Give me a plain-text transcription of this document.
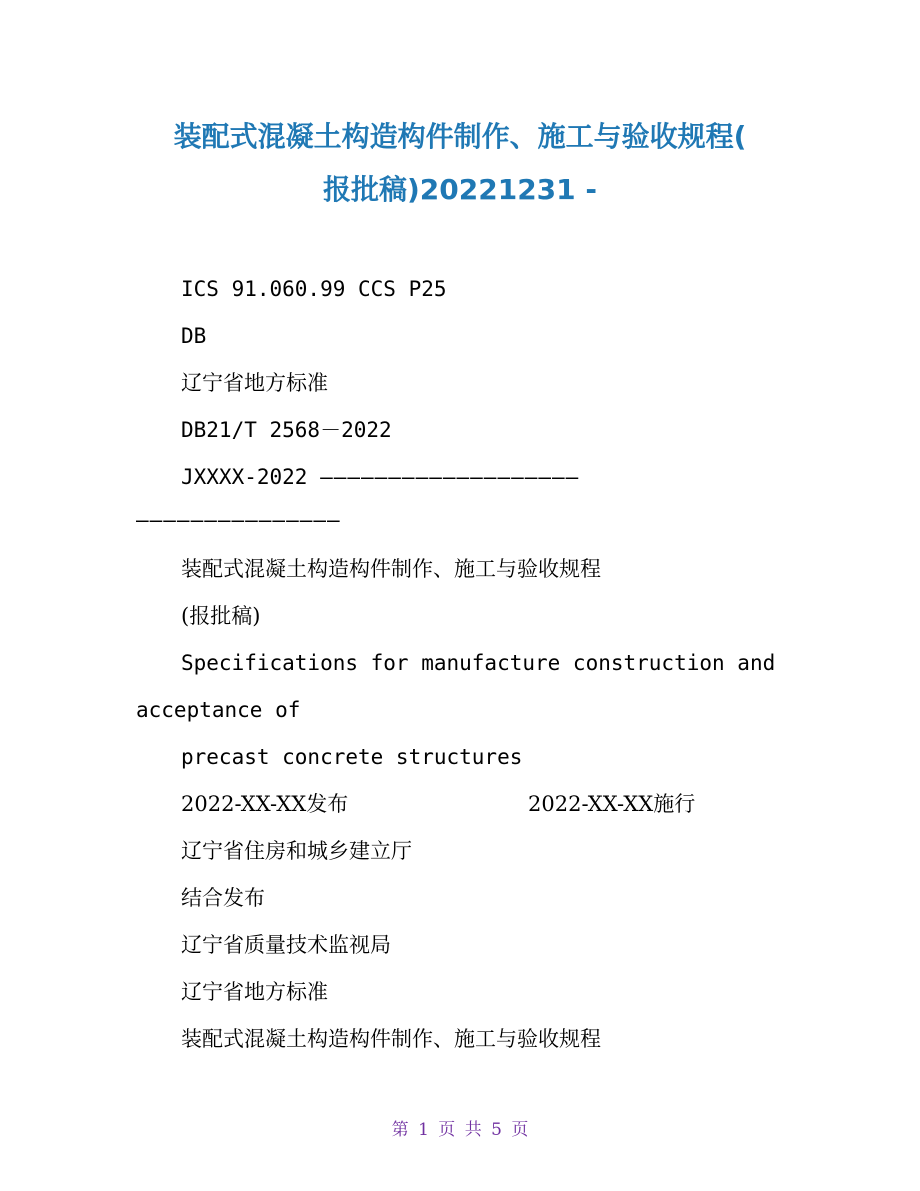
装配式混凝土构造构件制作、施工与验收规程(
报批稿)20221231 -
ICS 91.060.99 CCS P25
DB
辽宁省地方标准
DB21/T 2568－2022
JXXXX-2022 ———————————————————
———————————————
装配式混凝土构造构件制作、施工与验收规程
(报批稿)
Specifications for manufacture construction and
acceptance of
precast concrete structures
2022-XX-XX发布	2022-XX-XX施行
辽宁省住房和城乡建立厅
结合发布
辽宁省质量技术监视局
辽宁省地方标准
装配式混凝土构造构件制作、施工与验收规程
第 1 页 共 5 页
